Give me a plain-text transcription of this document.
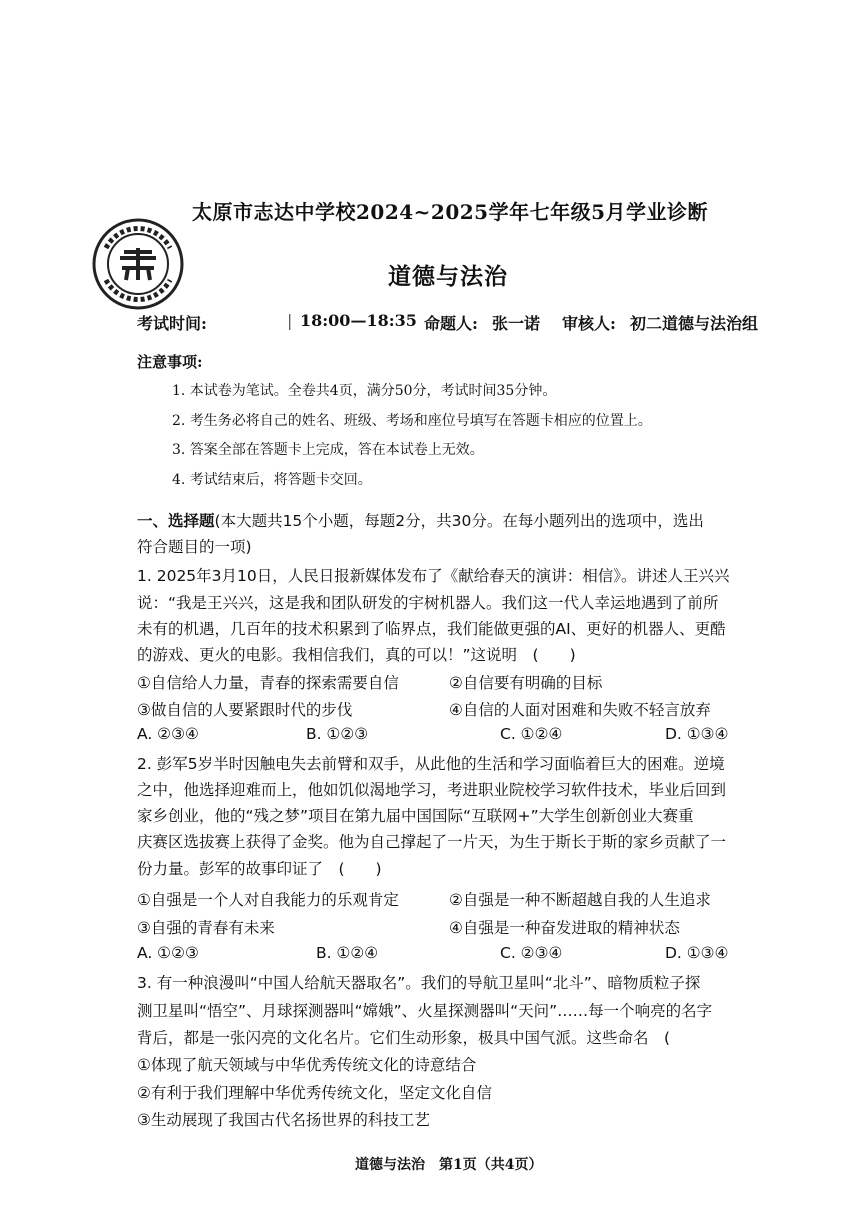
太原市志达中学校2024~2025学年七年级5月学业诊断
道德与法治
考试时间:	| 18:00—18:35 命题人: 张一诺 审核人: 初二道德与法治组
注意事项:
1. 本试卷为笔试。全卷共4页，满分50分，考试时间35分钟。
2. 考生务必将自己的姓名、班级、考场和座位号填写在答题卡相应的位置上。
3. 答案全部在答题卡上完成，答在本试卷上无效。
4. 考试结束后，将答题卡交回。
一、选择题(本大题共15个小题，每题2分，共30分。在每小题列出的选项中，选出
符合题目的一项)
1. 2025年3月10日，人民日报新媒体发布了《献给春天的演讲：相信》。讲述人王兴兴
说：“我是王兴兴，这是我和团队研发的宇树机器人。我们这一代人幸运地遇到了前所
未有的机遇，几百年的技术积累到了临界点，我们能做更强的AI、更好的机器人、更酷
的游戏、更火的电影。我相信我们，真的可以！”这说明　(　　)
①自信给人力量，青春的探索需要自信	②自信要有明确的目标
③做自信的人要紧跟时代的步伐	④自信的人面对困难和失败不轻言放弃
A. ②③④	B. ①②③	C. ①②④	D. ①③④
2. 彭军5岁半时因触电失去前臂和双手，从此他的生活和学习面临着巨大的困难。逆境
之中，他选择迎难而上，他如饥似渴地学习，考进职业院校学习软件技术，毕业后回到
家乡创业，他的“残之梦”项目在第九届中国国际“互联网+”大学生创新创业大赛重
庆赛区选拔赛上获得了金奖。他为自己撑起了一片天，为生于斯长于斯的家乡贡献了一
份力量。彭军的故事印证了　(　　)
①自强是一个人对自我能力的乐观肯定	②自强是一种不断超越自我的人生追求
③自强的青春有未来	④自强是一种奋发进取的精神状态
A. ①②③	B. ①②④	C. ②③④	D. ①③④
3. 有一种浪漫叫“中国人给航天器取名”。我们的导航卫星叫“北斗”、暗物质粒子探
测卫星叫“悟空”、月球探测器叫“嫦娥”、火星探测器叫“天问”……每一个响亮的名字
背后，都是一张闪亮的文化名片。它们生动形象，极具中国气派。这些命名　(
①体现了航天领域与中华优秀传统文化的诗意结合
②有利于我们理解中华优秀传统文化，坚定文化自信
③生动展现了我国古代名扬世界的科技工艺
道德与法治　第1页（共4页）
